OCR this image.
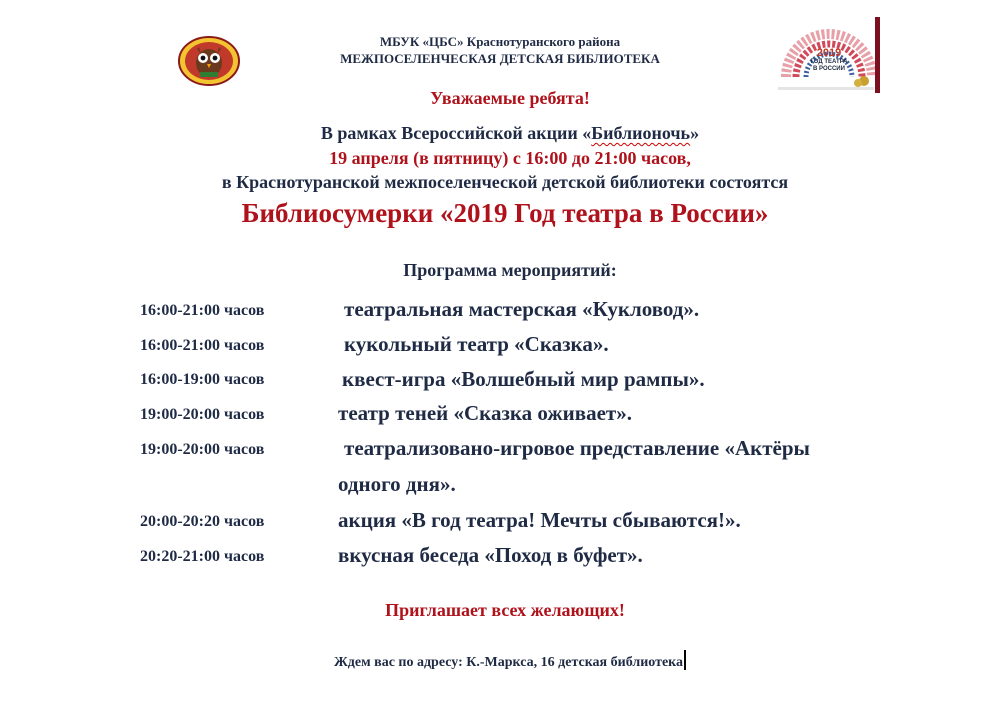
2019
ГОД ТЕАТРА
В РОССИИ
МБУК «ЦБС» Краснотуранского района
МЕЖПОСЕЛЕНЧЕСКАЯ ДЕТСКАЯ БИБЛИОТЕКА
Уважаемые ребята!
В рамках Всероссийской акции «Библионочь»
19 апреля (в пятницу) с 16:00 до 21:00 часов,
в Краснотуранской межпоселенческой детской библиотеки состоятся
Библиосумерки «2019 Год театра в России»
Программа мероприятий:
16:00-21:00 часов	театральная мастерская «Кукловод».
16:00-21:00 часов	кукольный театр «Сказка».
16:00-19:00 часов	квест-игра «Волшебный мир рампы».
19:00-20:00 часов	театр теней «Сказка оживает».
19:00-20:00 часов	театрализовано-игровое представление «Актёры
одного дня».
20:00-20:20 часов	акция «В год театра! Мечты сбываются!».
20:20-21:00 часов	вкусная беседа «Поход в буфет».
Приглашает всех желающих!
Ждем вас по адресу: К.-Маркса, 16 детская библиотека
